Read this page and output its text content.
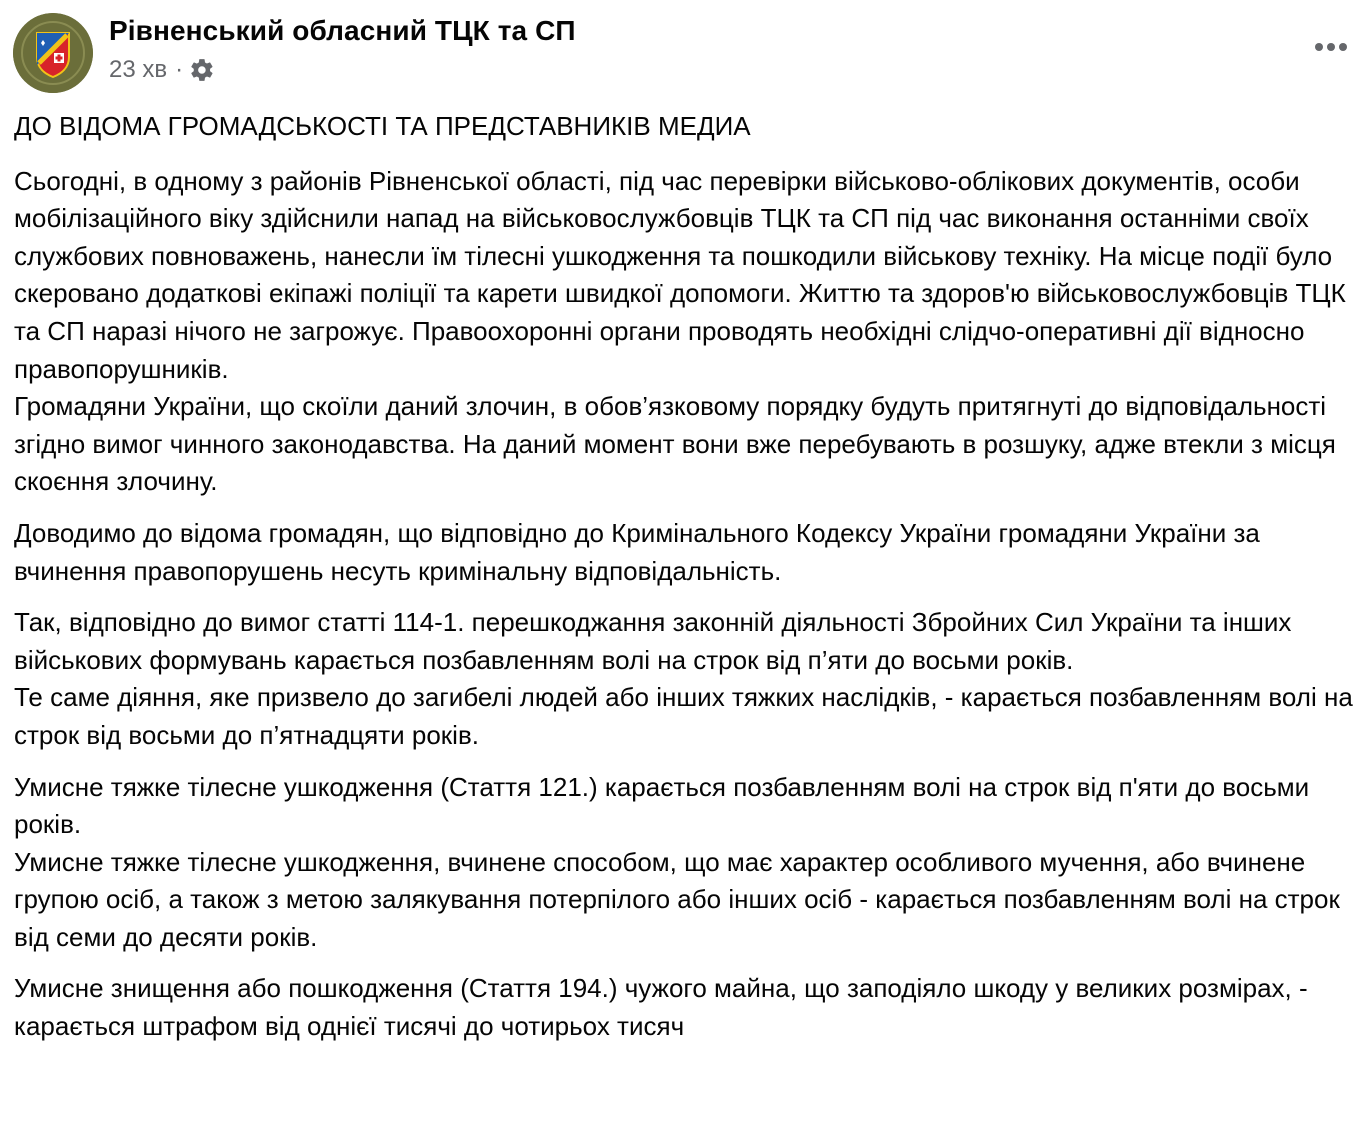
Рівненський обласний ТЦК та СП
23 хв ·

ДО ВІДОМА ГРОМАДСЬКОСТІ ТА ПРЕДСТАВНИКІВ МЕДИА

Сьогодні, в одному з районів Рівненської області, під час перевірки військово-облікових документів, особи мобілізаційного віку здійснили напад на військовослужбовців ТЦК та СП під час виконання останніми своїх службових повноважень, нанесли їм тілесні ушкодження та пошкодили військову техніку. На місце події було скеровано додаткові екіпажі поліції та карети швидкої допомоги. Життю та здоров'ю військовослужбовців ТЦК та СП наразі нічого не загрожує. Правоохоронні органи проводять необхідні слідчо-оперативні дії відносно правопорушників.
Громадяни України, що скоїли даний злочин, в обов’язковому порядку будуть притягнуті до відповідальності згідно вимог чинного законодавства. На даний момент вони вже перебувають в розшуку, адже втекли з місця скоєння злочину.

Доводимо до відома громадян, що відповідно до Кримінального Кодексу України громадяни України за вчинення правопорушень несуть кримінальну відповідальність.

Так, відповідно до вимог статті 114-1. перешкоджання законній діяльності Збройних Сил України та інших військових формувань карається позбавленням волі на строк від п’яти до восьми років.
Те саме діяння, яке призвело до загибелі людей або інших тяжких наслідків, - карається позбавленням волі на строк від восьми до п’ятнадцяти років.

Умисне тяжке тілесне ушкодження (Стаття 121.) карається позбавленням волі на строк від п'яти до восьми років.
Умисне тяжке тілесне ушкодження, вчинене способом, що має характер особливого мучення, або вчинене групою осіб, а також з метою залякування потерпілого або інших осіб - карається позбавленням волі на строк від семи до десяти років.

Умисне знищення або пошкодження (Стаття 194.) чужого майна, що заподіяло шкоду у великих розмірах, - карається штрафом від однієї тисячі до чотирьох тисяч
